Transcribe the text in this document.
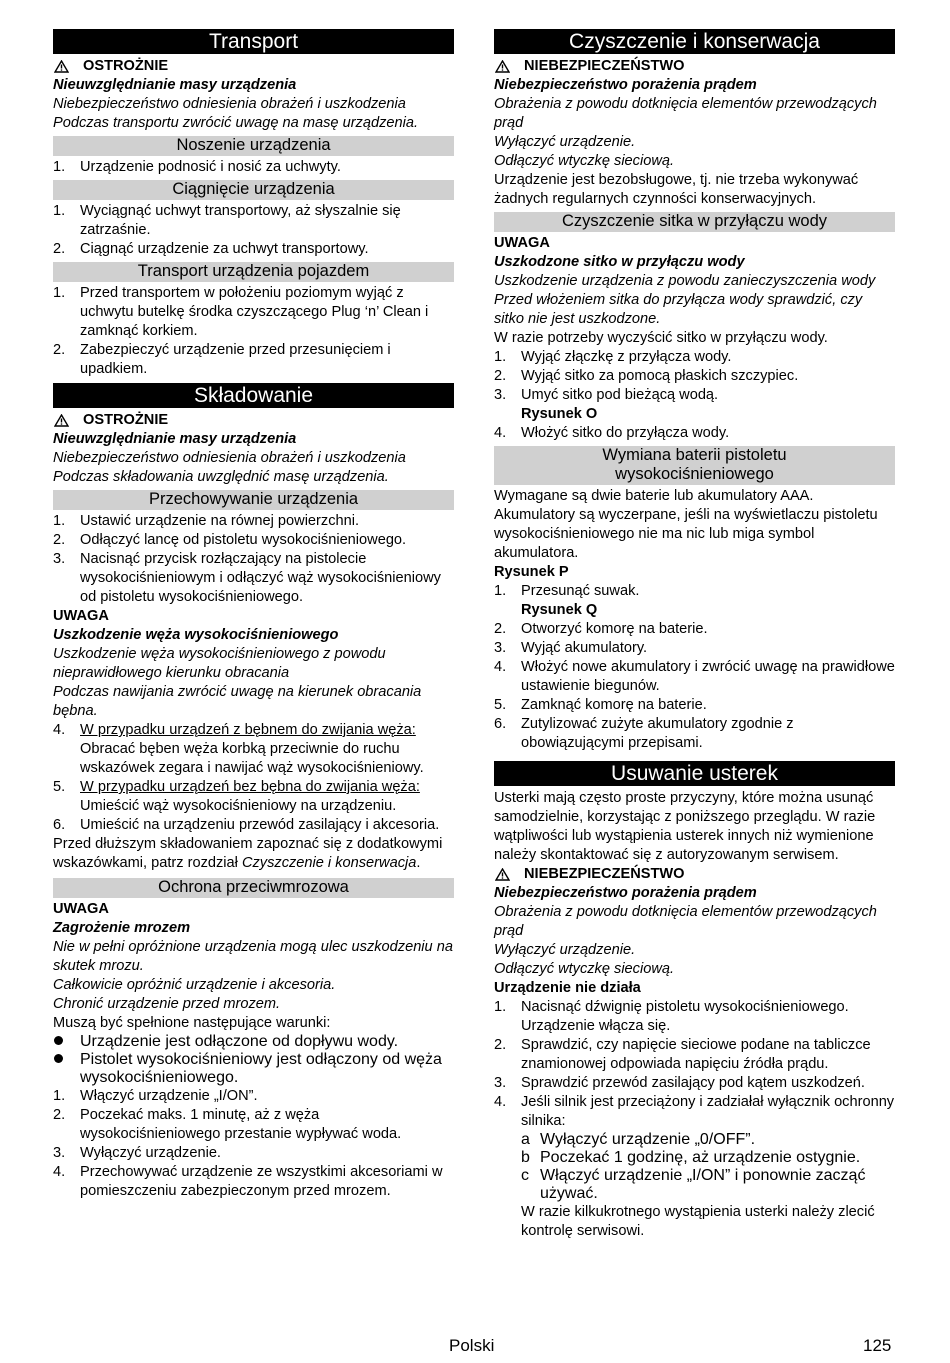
Transport

OSTROŻNIE

Nieuwzględnianie masy urządzenia

Niebezpieczeństwo odniesienia obrażeń i uszkodzenia

Podczas transportu zwrócić uwagę na masę urządzenia.

Noszenie urządzenia
1.	Urządzenie podnosić i nosić za uchwyty.
Ciągnięcie urządzenia
1.	Wyciągnąć uchwyt transportowy, aż słyszalnie się zatrzaśnie.
2.	Ciągnąć urządzenie za uchwyt transportowy.
Transport urządzenia pojazdem
1.	Przed transportem w położeniu poziomym wyjąć z uchwytu butelkę środka czyszczącego Plug ‘n’ Clean i zamknąć korkiem.
2.	Zabezpieczyć urządzenie przed przesunięciem i upadkiem.
Składowanie

OSTROŻNIE

Nieuwzględnianie masy urządzenia

Niebezpieczeństwo odniesienia obrażeń i uszkodzenia

Podczas składowania uwzględnić masę urządzenia.

Przechowywanie urządzenia
1.	Ustawić urządzenie na równej powierzchni.
2.	Odłączyć lancę od pistoletu wysokociśnieniowego.
3.	Nacisnąć przycisk rozłączający na pistolecie wysokociśnieniowym i odłączyć wąż wysokociśnieniowy od pistoletu wysokociśnieniowego.

UWAGA

Uszkodzenie węża wysokociśnieniowego

Uszkodzenie węża wysokociśnieniowego z powodu nieprawidłowego kierunku obracania

Podczas nawijania zwrócić uwagę na kierunek obracania bębna.

4.	W przypadku urządzeń z bębnem do zwijania węża: Obracać bęben węża korbką przeciwnie do ruchu wskazówek zegara i nawijać wąż wysokociśnieniowy.
5.	W przypadku urządzeń bez bębna do zwijania węża: Umieścić wąż wysokociśnieniowy na urządzeniu.
6.	Umieścić na urządzeniu przewód zasilający i akcesoria.

Przed dłuższym składowaniem zapoznać się z dodatkowymi wskazówkami, patrz rozdział Czyszczenie i konserwacja.

Ochrona przeciwmrozowa

UWAGA

Zagrożenie mrozem

Nie w pełni opróżnione urządzenia mogą ulec uszkodzeniu na skutek mrozu.

Całkowicie opróżnić urządzenie i akcesoria.

Chronić urządzenie przed mrozem.

Muszą być spełnione następujące warunki:

Urządzenie jest odłączone od dopływu wody.
Pistolet wysokociśnieniowy jest odłączony od węża wysokociśnieniowego.
1.	Włączyć urządzenie „I/ON”.
2.	Poczekać maks. 1 minutę, aż z węża wysokociśnieniowego przestanie wypływać woda.
3.	Wyłączyć urządzenie.
4.	Przechowywać urządzenie ze wszystkimi akcesoriami w pomieszczeniu zabezpieczonym przed mrozem.
Czyszczenie i konserwacja

NIEBEZPIECZEŃSTWO

Niebezpieczeństwo porażenia prądem

Obrażenia z powodu dotknięcia elementów przewodzących prąd

Wyłączyć urządzenie.

Odłączyć wtyczkę sieciową.

Urządzenie jest bezobsługowe, tj. nie trzeba wykonywać żadnych regularnych czynności konserwacyjnych.

Czyszczenie sitka w przyłączu wody

UWAGA

Uszkodzone sitko w przyłączu wody

Uszkodzenie urządzenia z powodu zanieczyszczenia wody

Przed włożeniem sitka do przyłącza wody sprawdzić, czy sitko nie jest uszkodzone.

W razie potrzeby wyczyścić sitko w przyłączu wody.

1.	Wyjąć złączkę z przyłącza wody.
2.	Wyjąć sitko za pomocą płaskich szczypiec.
3.	Umyć sitko pod bieżącą wodą.

Rysunek O

4.	Włożyć sitko do przyłącza wody.
Wymiana baterii pistoletu wysokociśnieniowego

Wymagane są dwie baterie lub akumulatory AAA. Akumulatory są wyczerpane, jeśli na wyświetlaczu pistoletu wysokociśnieniowego nie ma nic lub miga symbol akumulatora.

Rysunek P

1.	Przesunąć suwak.

Rysunek Q

2.	Otworzyć komorę na baterie.
3.	Wyjąć akumulatory.
4.	Włożyć nowe akumulatory i zwrócić uwagę na prawidłowe ustawienie biegunów.
5.	Zamknąć komorę na baterie.
6.	Zutylizować zużyte akumulatory zgodnie z obowiązującymi przepisami.
Usuwanie usterek

Usterki mają często proste przyczyny, które można usunąć samodzielnie, korzystając z poniższego przeglądu. W razie wątpliwości lub wystąpienia usterek innych niż wymienione należy skontaktować się z autoryzowanym serwisem.

NIEBEZPIECZEŃSTWO

Niebezpieczeństwo porażenia prądem

Obrażenia z powodu dotknięcia elementów przewodzących prąd

Wyłączyć urządzenie.

Odłączyć wtyczkę sieciową.

Urządzenie nie działa

1.	Nacisnąć dźwignię pistoletu wysokociśnieniowego. Urządzenie włącza się.
2.	Sprawdzić, czy napięcie sieciowe podane na tabliczce znamionowej odpowiada napięciu źródła prądu.
3.	Sprawdzić przewód zasilający pod kątem uszkodzeń.
4.	Jeśli silnik jest przeciążony i zadziałał wyłącznik ochronny silnika:
a Wyłączyć urządzenie „0/OFF”.
b Poczekać 1 godzinę, aż urządzenie ostygnie.
c Włączyć urządzenie „I/ON” i ponownie zacząć używać.

W razie kilkukrotnego wystąpienia usterki należy zlecić kontrolę serwisowi.

Polski	125
